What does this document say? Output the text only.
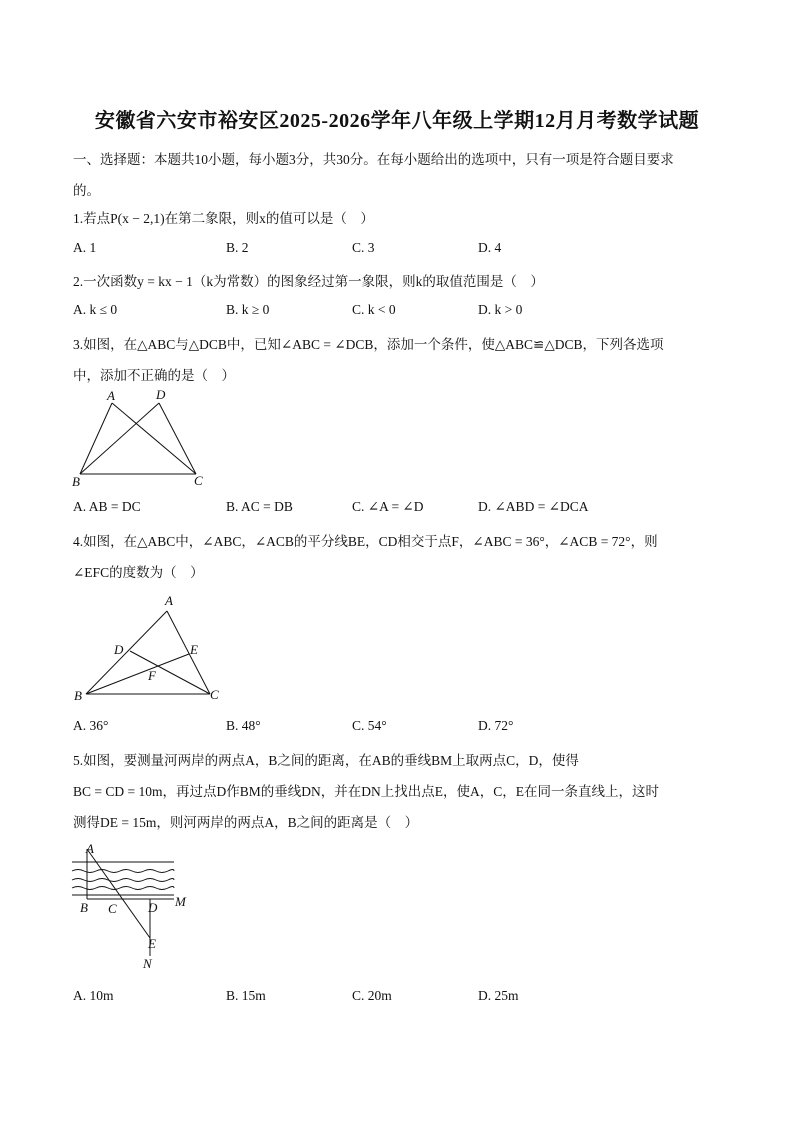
安徽省六安市裕安区2025-2026学年八年级上学期12月月考数学试题
一、选择题：本题共10小题，每小题3分，共30分。在每小题给出的选项中，只有一项是符合题目要求
的。
1.若点P(x − 2,1)在第二象限，则x的值可以是（　）
A. 1	B. 2	C. 3	D. 4
2.一次函数y = kx − 1（k为常数）的图象经过第一象限，则k的取值范围是（　）
A. k ≤ 0	B. k ≥ 0	C. k < 0	D. k > 0
3.如图，在△ABC与△DCB中，已知∠ABC = ∠DCB，添加一个条件，使△ABC≌△DCB，下列各选项
中，添加不正确的是（　）
A	D
B	C
A. AB = DC	B. AC = DB	C. ∠A = ∠D	D. ∠ABD = ∠DCA
4.如图，在△ABC中，∠ABC，∠ACB的平分线BE，CD相交于点F，∠ABC = 36°，∠ACB = 72°，则
∠EFC的度数为（　）
A
D	E
F
B	C
A. 36°	B. 48°	C. 54°	D. 72°
5.如图，要测量河两岸的两点A，B之间的距离，在AB的垂线BM上取两点C，D，使得
BC = CD = 10m，再过点D作BM的垂线DN，并在DN上找出点E，使A，C，E在同一条直线上，这时
测得DE = 15m，则河两岸的两点A，B之间的距离是（　）
A
B C D M
E
N
A. 10m	B. 15m	C. 20m	D. 25m
